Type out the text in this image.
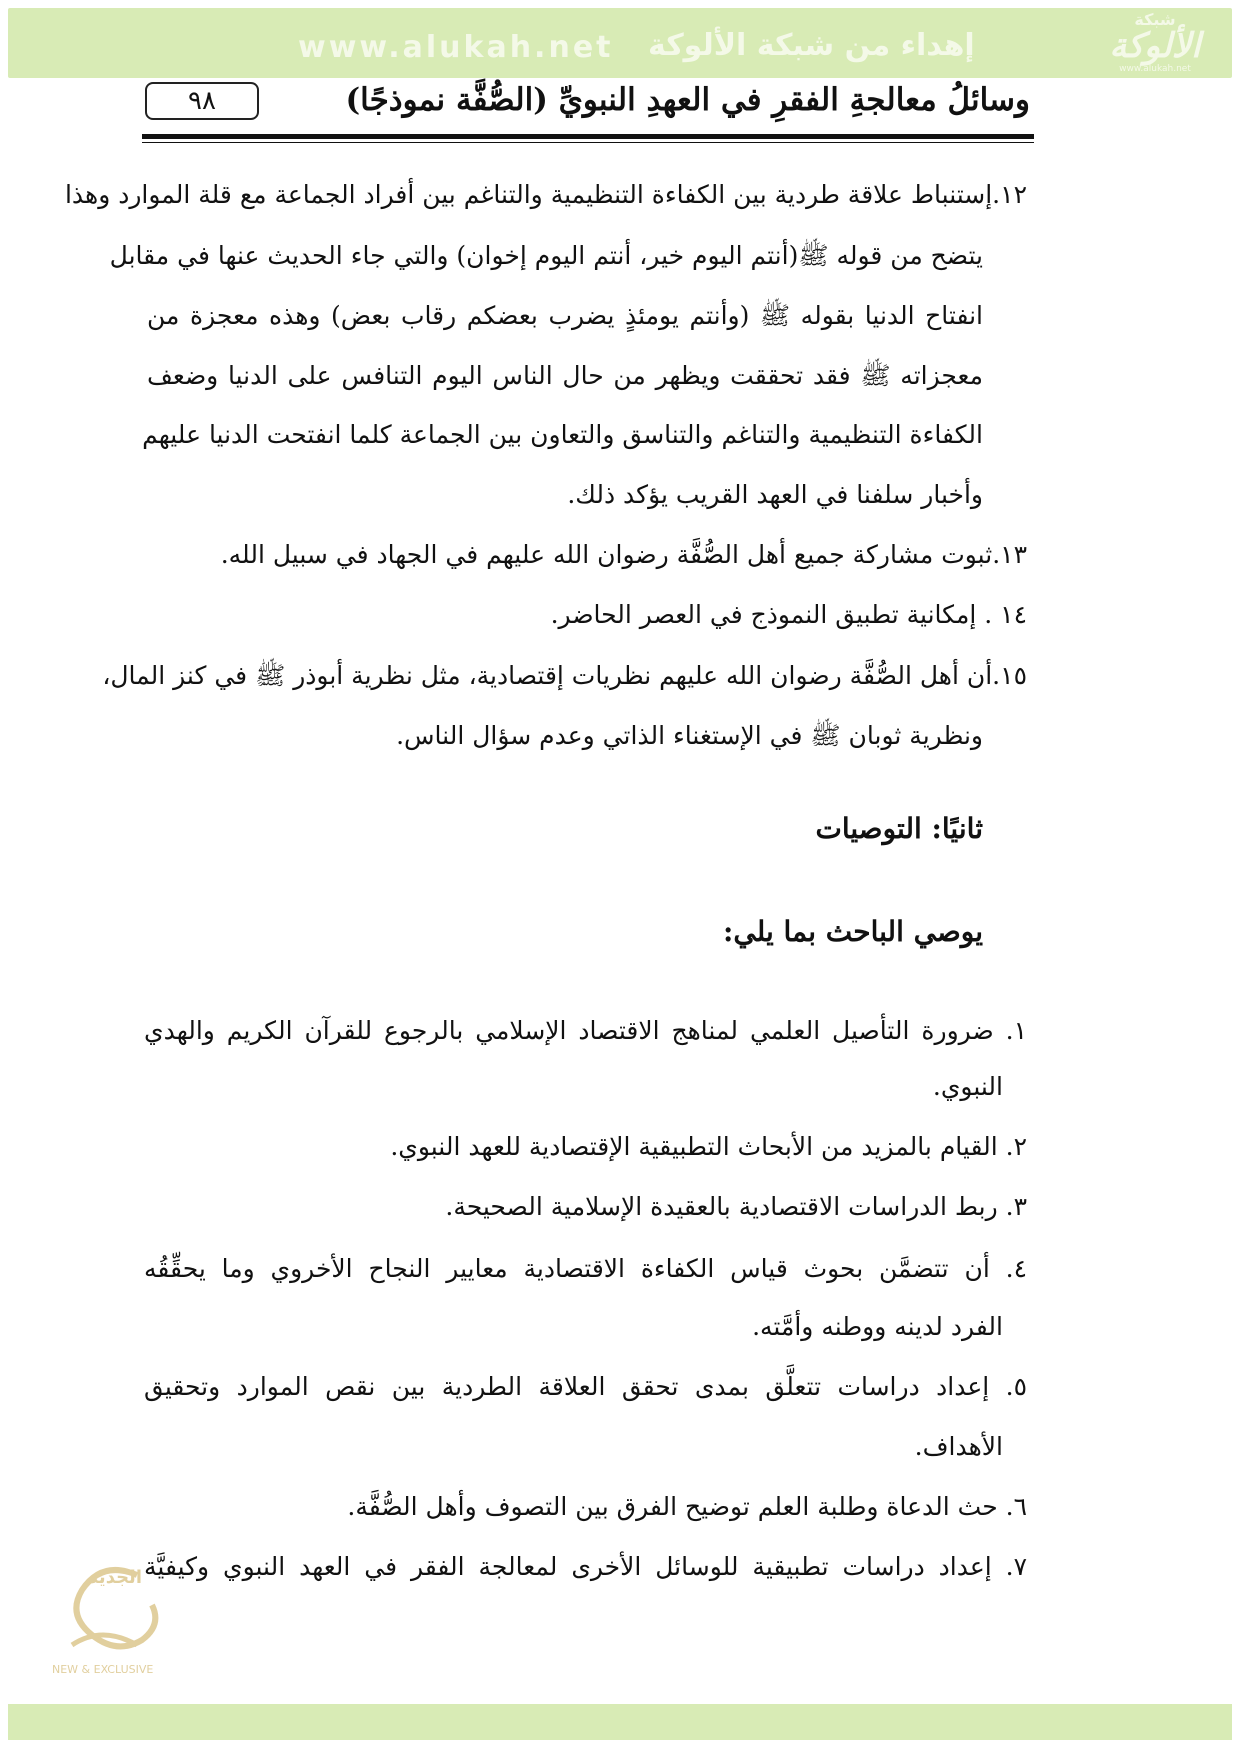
www.alukah.net إهداء من شبكة الألوكة
شبكة
الألوكة
www.alukah.net
٩٨	وسائلُ معالجةِ الفقرِ في العهدِ النبويِّ (الصُّفَّة نموذجًا)
١٢.إستنباط علاقة طردية بين الكفاءة التنظيمية والتناغم بين أفراد الجماعة مع قلة الموارد وهذا
يتضح من قوله ﷺ(أنتم اليوم خير، أنتم اليوم إخوان) والتي جاء الحديث عنها في مقابل
انفتاح الدنيا بقوله ﷺ (وأنتم يومئذٍ يضرب بعضكم رقاب بعض) وهذه معجزة من
معجزاته ﷺ فقد تحققت ويظهر من حال الناس اليوم التنافس على الدنيا وضعف
الكفاءة التنظيمية والتناغم والتناسق والتعاون بين الجماعة كلما انفتحت الدنيا عليهم
وأخبار سلفنا في العهد القريب يؤكد ذلك.
١٣.ثبوت مشاركة جميع أهل الصُّفَّة رضوان الله عليهم في الجهاد في سبيل الله.
١٤ . إمكانية تطبيق النموذج في العصر الحاضر.
١٥.أن أهل الصُّفَّة رضوان الله عليهم نظريات إقتصادية، مثل نظرية أبوذر ﷺ في كنز المال،
ونظرية ثوبان ﷺ في الإستغناء الذاتي وعدم سؤال الناس.
ثانيًا: التوصيات
يوصي الباحث بما يلي:
١. ضرورة التأصيل العلمي لمناهج الاقتصاد الإسلامي بالرجوع للقرآن الكريم والهدي
النبوي.
٢. القيام بالمزيد من الأبحاث التطبيقية الإقتصادية للعهد النبوي.
٣. ربط الدراسات الاقتصادية بالعقيدة الإسلامية الصحيحة.
٤. أن تتضمَّن بحوث قياس الكفاءة الاقتصادية معايير النجاح الأخروي وما يحقِّقُه
الفرد لدينه ووطنه وأمَّته.
٥. إعداد دراسات تتعلَّق بمدى تحقق العلاقة الطردية بين نقص الموارد وتحقيق
الأهداف.
٦. حث الدعاة وطلبة العلم توضيح الفرق بين التصوف وأهل الصُّفَّة.
٧. إعداد دراسات تطبيقية للوسائل الأخرى لمعالجة الفقر في العهد النبوي وكيفيَّة
الجديد
NEW & EXCLUSIVE
